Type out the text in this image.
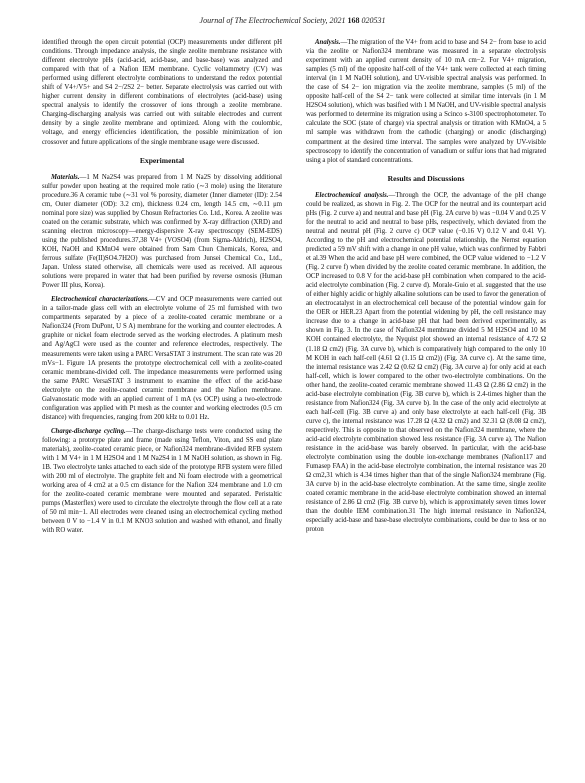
Journal of The Electrochemical Society, 2021 168 020531

identified through the open circuit potential (OCP) measurements under different pH conditions. Through impedance analysis, the single zeolite membrane resistance with different electrolyte pHs (acid-acid, acid-base, and base-base) was analyzed and compared with that of a Nafion IEM membrane. Cyclic voltammetry (CV) was performed using different electrolyte combinations to understand the redox potential shift of V4+/V5+ and S4 2−/2S2 2− better. Separate electrolysis was carried out with higher current density in different combinations of electrolytes (acid-base) using spectral analysis to identify the crossover of ions through a zeolite membrane. Charging-discharging analysis was carried out with suitable electrodes and current density by a single zeolite membrane and optimized. Along with the coulombic, voltage, and energy efficiencies identification, the possible minimization of ion crossover and future applications of the single membrane usage were discussed.

Experimental

Materials.—1 M Na2S4 was prepared from 1 M Na2S by dissolving additional sulfur powder upon heating at the required mole ratio (∼3 mole) using the literature procedure.36 A ceramic tube (∼31 vol % porosity, diameter (Inner diameter (ID): 2.54 cm, Outer diameter (OD): 3.2 cm), thickness 0.24 cm, length 14.5 cm, ∼0.11 μm nominal pore size) was supplied by Chosun Refractories Co. Ltd., Korea. A zeolite was coated on the ceramic substrate, which was confirmed by X-ray diffraction (XRD) and scanning electron microscopy—energy-dispersive X-ray spectroscopy (SEM-EDS) using the published procedures.37,38 V4+ (VOSO4) (from Sigma-Aldrich), H2SO4, KOH, NaOH and KMnO4 were obtained from Sam Chun Chemicals, Korea, and ferrous sulfate (Fe(II)SO4.7H2O) was purchased from Junsei Chemical Co., Ltd., Japan. Unless stated otherwise, all chemicals were used as received. All aqueous solutions were prepared in water that had been purified by reverse osmosis (Human Power III plus, Korea).

Electrochemical characterizations.—CV and OCP measurements were carried out in a tailor-made glass cell with an electrolyte volume of 25 ml furnished with two compartments separated by a piece of a zeolite-coated ceramic membrane or a Nafion324 (From DuPont, U S A) membrane for the working and counter electrodes. A graphite or nickel foam electrode served as the working electrodes. A platinum mesh and Ag/AgCl were used as the counter and reference electrodes, respectively. The measurements were taken using a PARC VersaSTAT 3 instrument. The scan rate was 20 mVs−1. Figure 1A presents the prototype electrochemical cell with a zeolite-coated ceramic membrane-divided cell. The impedance measurements were performed using the same PARC VersaSTAT 3 instrument to examine the effect of the acid-base electrolyte on the zeolite-coated ceramic membrane and the Nafion membrane. Galvanostatic mode with an applied current of 1 mA (vs OCP) using a two-electrode configuration was applied with Pt mesh as the counter and working electrodes (0.5 cm distance) with frequencies, ranging from 200 kHz to 0.01 Hz.

Charge-discharge cycling.—The charge-discharge tests were conducted using the following: a prototype plate and frame (made using Teflon, Viton, and SS end plate materials), zeolite-coated ceramic piece, or Nafion324 membrane-divided RFB system with 1 M V4+ in 1 M H2SO4 and 1 M Na2S4 in 1 M NaOH solution, as shown in Fig. 1B. Two electrolyte tanks attached to each side of the prototype RFB system were filled with 200 ml of electrolyte. The graphite felt and Ni foam electrode with a geometrical working area of 4 cm2 at a 0.5 cm distance for the Nafion 324 membrane and 1.0 cm for the zeolite-coated ceramic membrane were mounted and separated. Peristaltic pumps (Masterflex) were used to circulate the electrolyte through the flow cell at a rate of 50 ml min−1. All electrodes were cleaned using an electrochemical cycling method between 0 V to −1.4 V in 0.1 M KNO3 solution and washed with ethanol, and finally with RO water.

Analysis.—The migration of the V4+ from acid to base and S4 2− from base to acid via the zeolite or Nafion324 membrane was measured in a separate electrolysis experiment with an applied current density of 10 mA cm−2. For V4+ migration, samples (5 ml) of the opposite half-cell of the V4+ tank were collected at each timing interval (in 1 M NaOH solution), and UV-visible spectral analysis was performed. In the case of S4 2− ion migration via the zeolite membrane, samples (5 ml) of the opposite half-cell of the S4 2− tank were collected at similar time intervals (in 1 M H2SO4 solution), which was basified with 1 M NaOH, and UV-visible spectral analysis was performed to determine its migration using a Scinco s-3100 spectrophotometer. To calculate the SOC (state of charge) via spectral analysis or titration with KMnO4, a 5 ml sample was withdrawn from the cathodic (charging) or anodic (discharging) compartment at the desired time interval. The samples were analyzed by UV-visible spectroscopy to identify the concentration of vanadium or sulfur ions that had migrated using a plot of standard concentrations.

Results and Discussions

Electrochemical analysis.—Through the OCP, the advantage of the pH change could be realized, as shown in Fig. 2. The OCP for the neutral and its counterpart acid pHs (Fig. 2 curve a) and neutral and base pH (Fig. 2A curve b) was −0.04 V and 0.25 V for the neutral to acid and neutral to base pHs, respectively, which deviated from the neutral and neutral pH (Fig. 2 curve c) OCP value (−0.16 V) 0.12 V and 0.41 V). According to the pH and electrochemical potential relationship, the Nernst equation predicted a 59 mV shift with a change in one pH value, which was confirmed by Fabbri et al.39 When the acid and base pH were combined, the OCP value widened to −1.2 V (Fig. 2 curve f) when divided by the zeolite coated ceramic membrane. In addition, the OCP increased to 0.8 V for the acid-base pH combination when compared to the acid-acid electrolyte combination (Fig. 2 curve d). Morale-Guio et al. suggested that the use of either highly acidic or highly alkaline solutions can be used to favor the generation of an electrocatalyst in an electrochemical cell because of the potential window gain for the OER or HER.23 Apart from the potential widening by pH, the cell resistance may increase due to a change in acid-base pH that had been derived experimentally, as shown in Fig. 3. In the case of Nafion324 membrane divided 5 M H2SO4 and 10 M KOH contained electrolyte, the Nyquist plot showed an internal resistance of 4.72 Ω (1.18 Ω cm2) (Fig. 3A curve b), which is comparatively high compared to the only 10 M KOH in each half-cell (4.61 Ω (1.15 Ω cm2)) (Fig. 3A curve c). At the same time, the internal resistance was 2.42 Ω (0.62 Ω cm2) (Fig. 3A curve a) for only acid at each half-cell, which is lower compared to the other two-electrolyte combinations. On the other hand, the zeolite-coated ceramic membrane showed 11.43 Ω (2.86 Ω cm2) in the acid-base electrolyte combination (Fig. 3B curve b), which is 2.4-times higher than the resistance from Nafion324 (Fig. 3A curve b). In the case of the only acid electrolyte at each half-cell (Fig. 3B curve a) and only base electrolyte at each half-cell (Fig. 3B curve c), the internal resistance was 17.28 Ω (4.32 Ω cm2) and 32.31 Ω (8.08 Ω cm2), respectively. This is opposite to that observed on the Nafion324 membrane, where the acid-acid electrolyte combination showed less resistance (Fig. 3A curve a). The Nafion resistance in the acid-base was barely observed. In particular, with the acid-base electrolyte combination using the double ion-exchange membranes (Nafion117 and Fumasep FAA) in the acid-base electrolyte combination, the internal resistance was 20 Ω cm2,31 which is 4.34 times higher than that of the single Nafion324 membrane (Fig. 3A curve b) in the acid-base electrolyte combination. At the same time, single zeolite coated ceramic membrane in the acid-base electrolyte combination showed an internal resistance of 2.86 Ω cm2 (Fig. 3B curve b), which is approximately seven times lower than the double IEM combination.31 The high internal resistance in Nafion324, especially acid-base and base-base electrolyte combinations, could be due to less or no proton
